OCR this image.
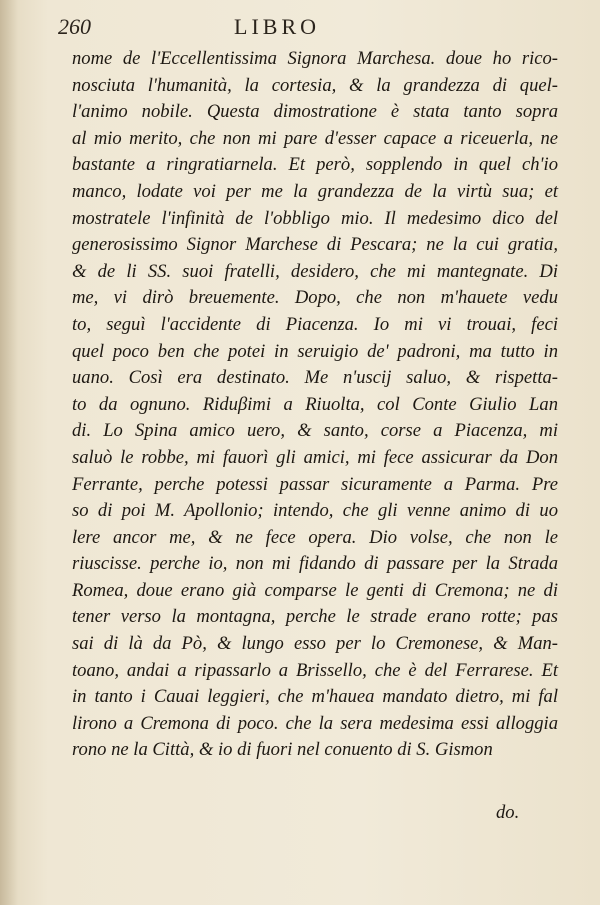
260	LIBRO
nome de l'Eccellentissima Signora Marchesa. doue ho rico-
nosciuta l'humanità, la cortesia, & la grandezza di quel-
l'animo nobile. Questa dimostratione è stata tanto sopra
al mio merito, che non mi pare d'esser capace a riceuerla, ne
bastante a ringratiarnela. Et però, sopplendo in quel ch'io
manco, lodate voi per me la grandezza de la virtù sua; et
mostratele l'infinità de l'obbligo mio. Il medesimo dico del
generosissimo Signor Marchese di Pescara; ne la cui gratia,
& de li SS. suoi fratelli, desidero, che mi mantegnate. Di
me, vi dirò breuemente. Dopo, che non m'hauete vedu
to, seguì l'accidente di Piacenza. Io mi vi trouai, feci
quel poco ben che potei in seruigio de' padroni, ma tutto in
uano. Così era destinato. Me n'uscij saluo, & rispetta-
to da ognuno. Riduβimi a Riuolta, col Conte Giulio Lan
di. Lo Spina amico uero, & santo, corse a Piacenza, mi
saluò le robbe, mi fauorì gli amici, mi fece assicurar da Don
Ferrante, perche potessi passar sicuramente a Parma. Pre
so di poi M. Apollonio; intendo, che gli venne animo di uo
lere ancor me, & ne fece opera. Dio volse, che non le
riuscisse. perche io, non mi fidando di passare per la Strada
Romea, doue erano già comparse le genti di Cremona; ne di
tener verso la montagna, perche le strade erano rotte; pas
sai di là da Pò, & lungo esso per lo Cremonese, & Man-
toano, andai a ripassarlo a Brissello, che è del Ferrarese. Et
in tanto i Cauai leggieri, che m'hauea mandato dietro, mi fal
lirono a Cremona di poco. che la sera medesima essi alloggia
rono ne la Città, & io di fuori nel conuento di S. Gismon
do.
